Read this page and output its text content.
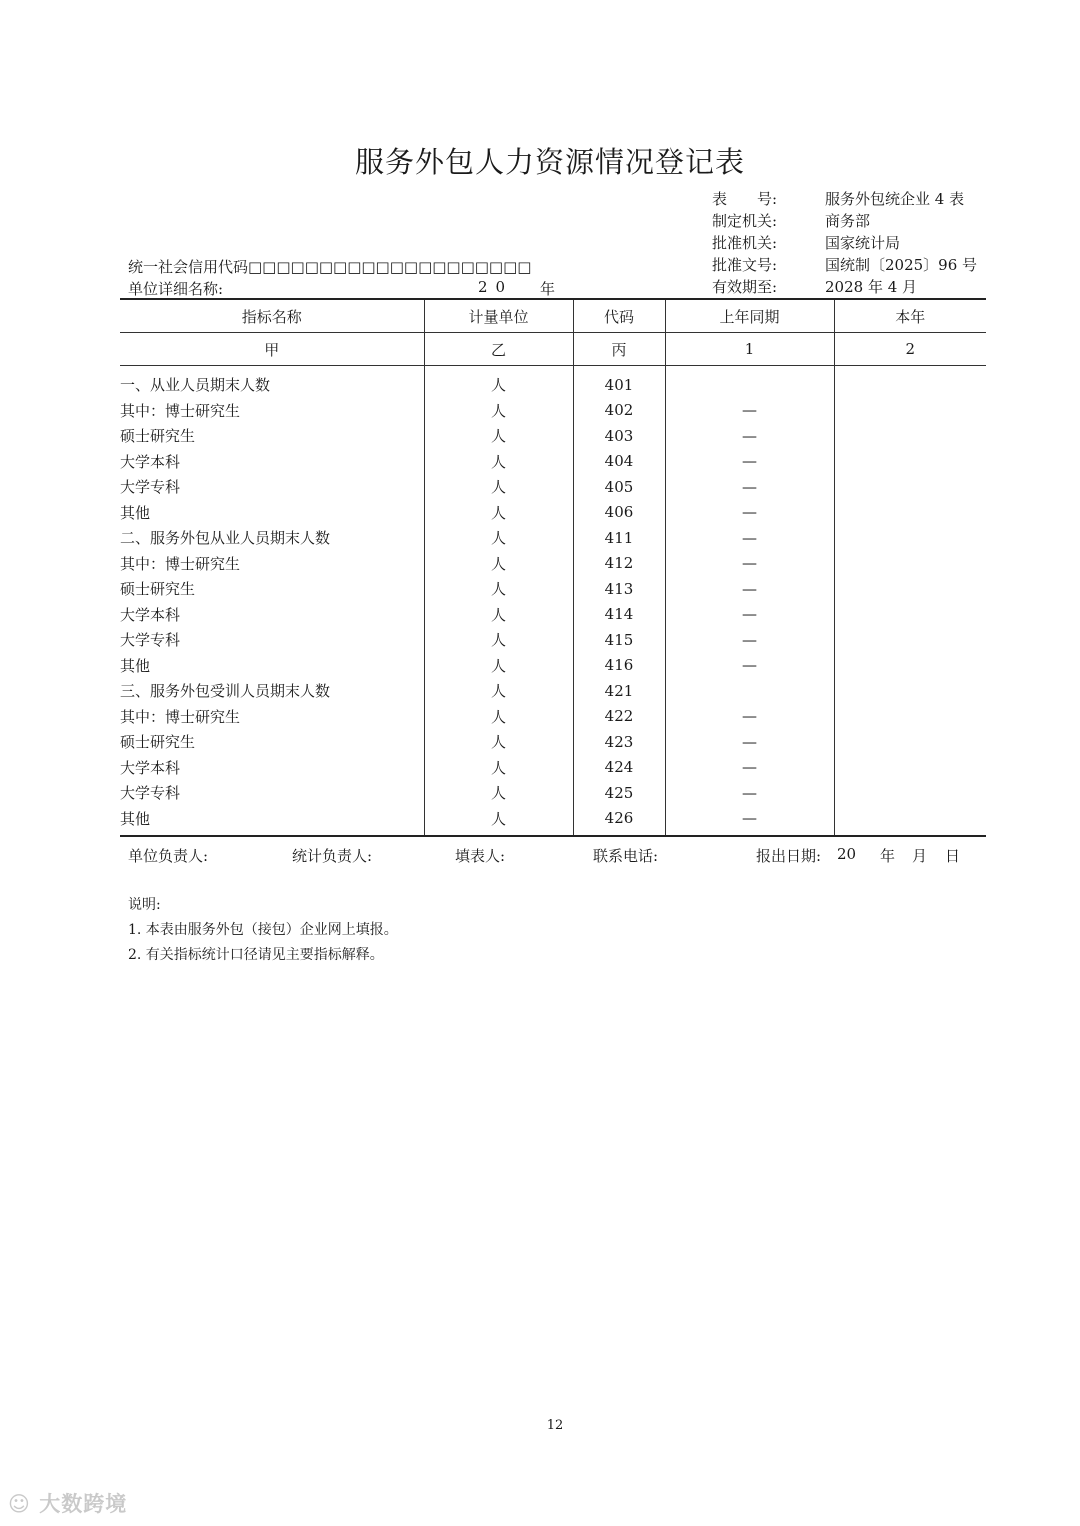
服务外包人力资源情况登记表
表　　号:	服务外包统企业 4 表
制定机关:	商务部
批准机关:	国家统计局
批准文号:	国统制〔2025〕96 号
有效期至:	2028 年 4 月
统一社会信用代码□□□□□□□□□□□□□□□□□□□□
单位详细名称:	20 年
指标名称	计量单位	代码	上年同期	本年
甲	乙	丙	1	2
一、从业人员期末人数	人	401		
其中：博士研究生	人	402	—	
硕士研究生	人	403	—	
大学本科	人	404	—	
大学专科	人	405	—	
其他	人	406	—	
二、服务外包从业人员期末人数	人	411	—	
其中：博士研究生	人	412	—	
硕士研究生	人	413	—	
大学本科	人	414	—	
大学专科	人	415	—	
其他	人	416	—	
三、服务外包受训人员期末人数	人	421		
其中：博士研究生	人	422	—	
硕士研究生	人	423	—	
大学本科	人	424	—	
大学专科	人	425	—	
其他	人	426	—	
单位负责人:	统计负责人:	填表人:	联系电话:	报出日期: 20 年 月 日
说明:
1. 本表由服务外包（接包）企业网上填报。
2. 有关指标统计口径请见主要指标解释。
12
☺ 大数跨境
